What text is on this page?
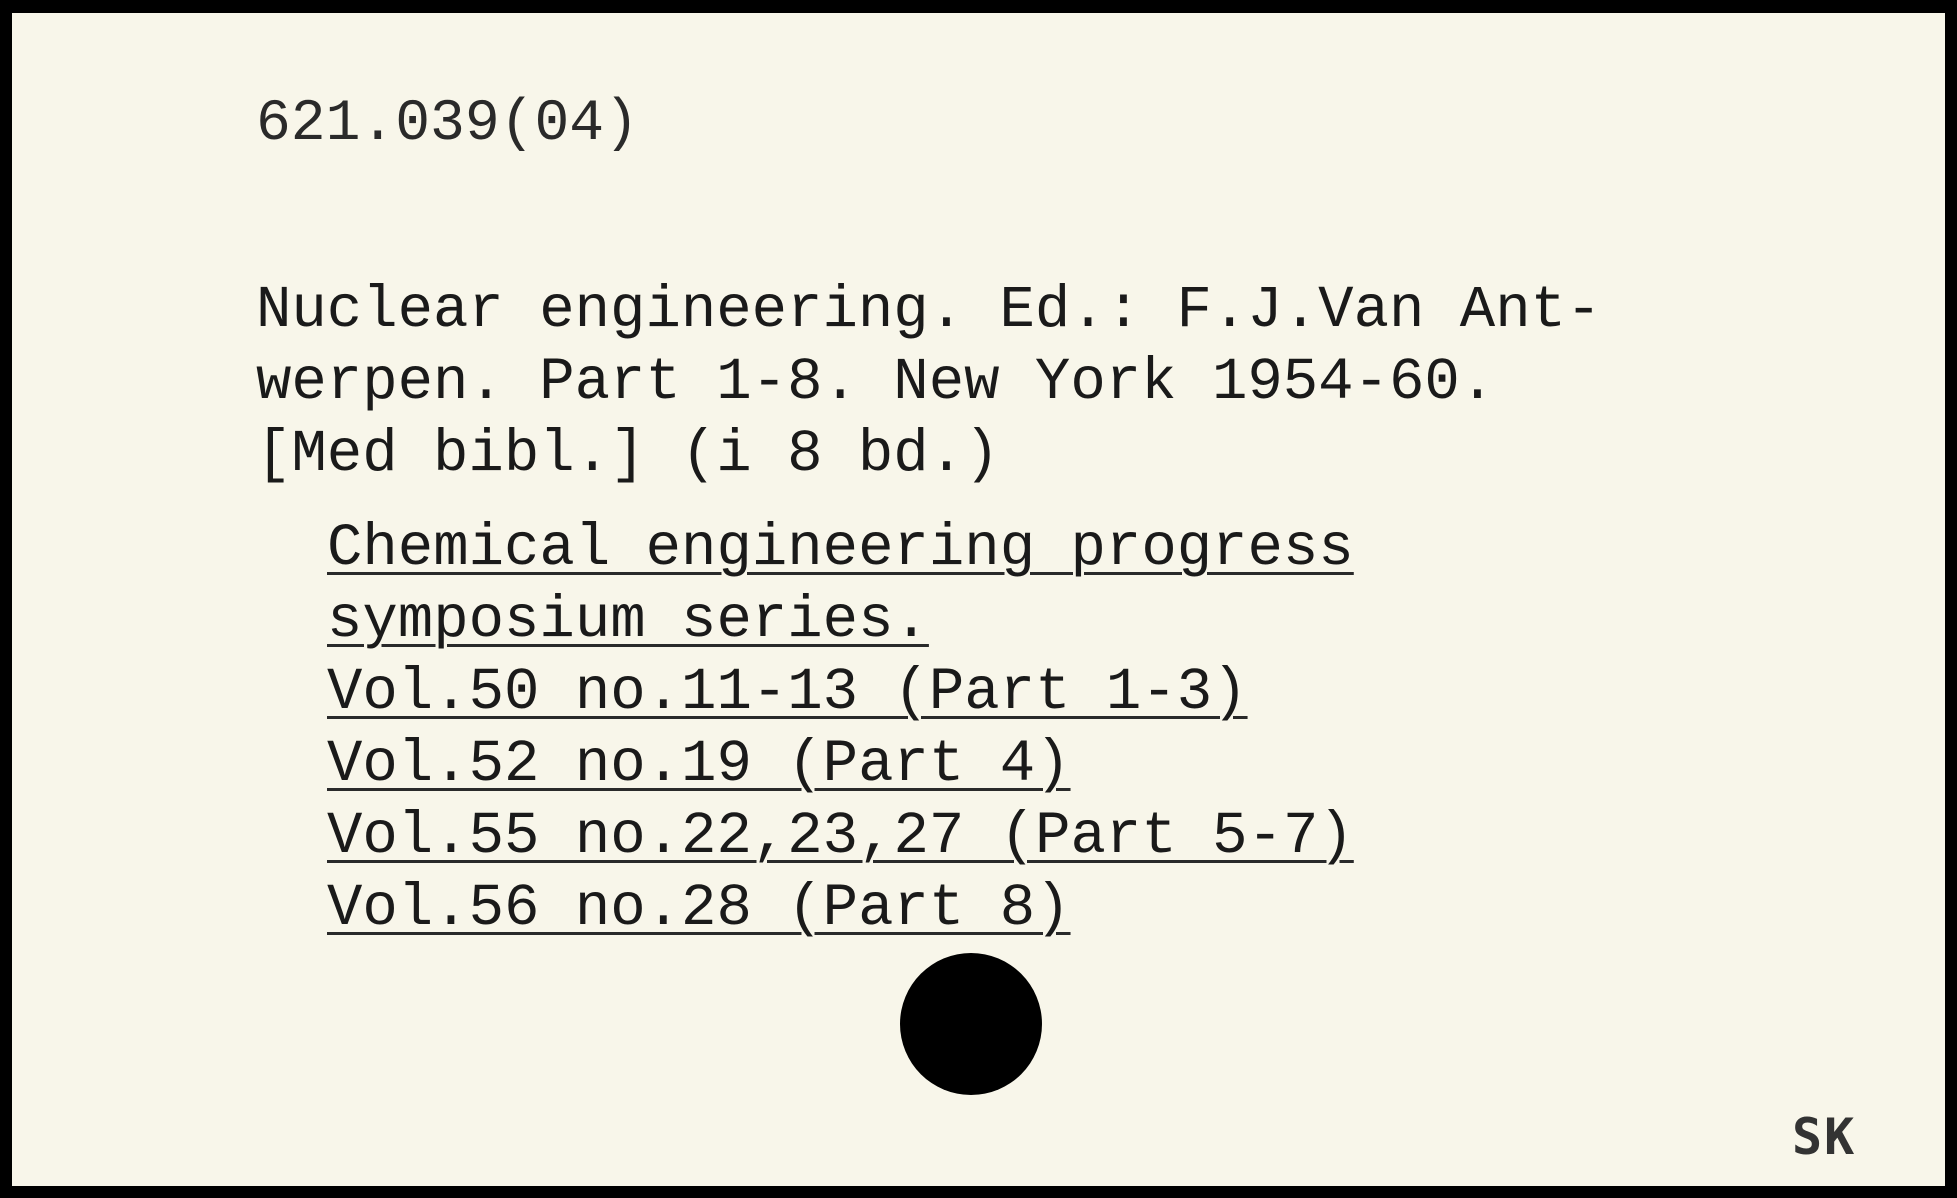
621.039(04)
Nuclear engineering. Ed.: F.J.Van Ant-
werpen. Part 1-8. New York 1954-60.
[Med bibl.] (i 8 bd.)
Chemical engineering progress
symposium series.
Vol.50 no.11-13 (Part 1-3)
Vol.52 no.19 (Part 4)
Vol.55 no.22,23,27 (Part 5-7)
Vol.56 no.28 (Part 8)
SK
